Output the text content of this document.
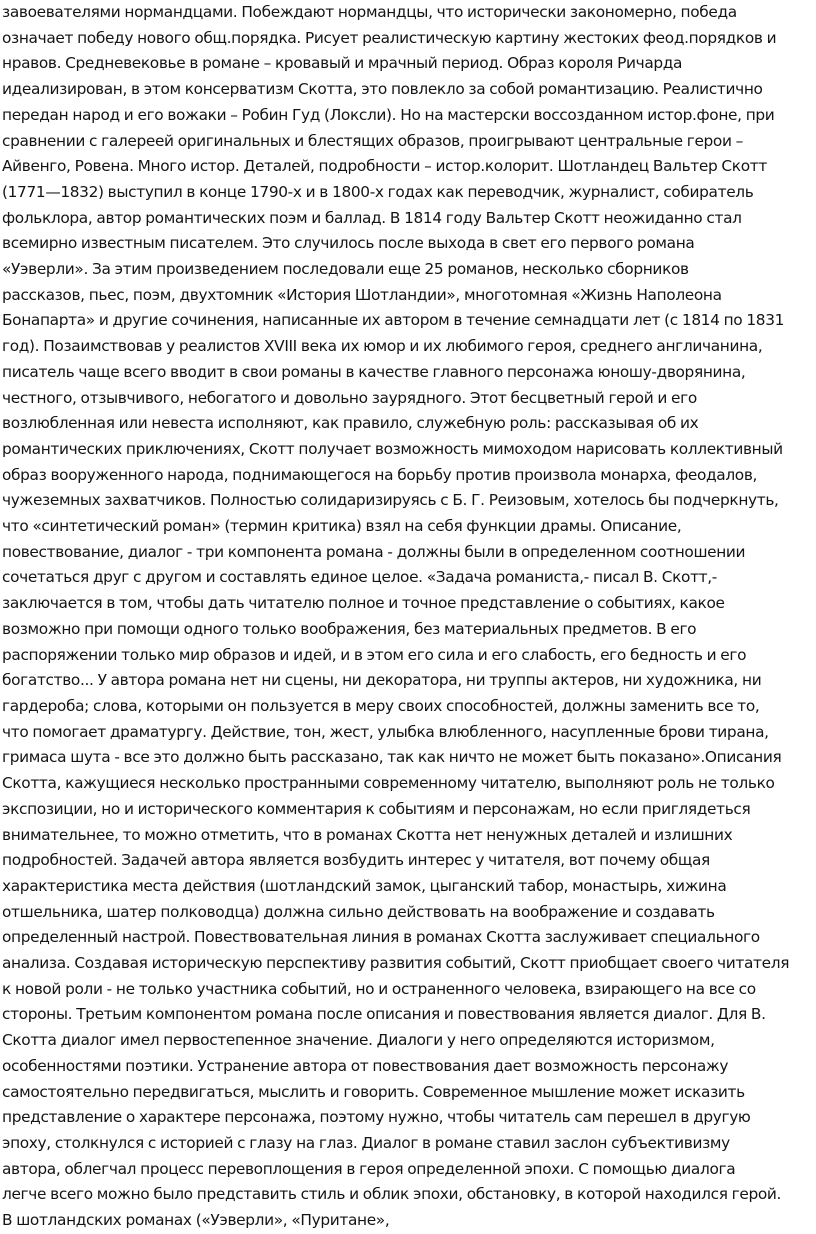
завоевателями нормандцами. Побеждают нормандцы, что исторически закономерно, победа
означает победу нового общ.порядка. Рисует реалистическую картину жестоких феод.порядков и
нравов. Средневековье в романе – кровавый и мрачный период. Образ короля Ричарда
идеализирован, в этом консерватизм Скотта, это повлекло за собой романтизацию. Реалистично
передан народ и его вожаки – Робин Гуд (Локсли). Но на мастерски воссозданном истор.фоне, при
сравнении с галереей оригинальных и блестящих образов, проигрывают центральные герои –
Айвенго, Ровена. Много истор. Деталей, подробности – истор.колорит. Шотландец Вальтер Скотт
(1771—1832) выступил в конце 1790-х и в 1800-х годах как переводчик, журналист, собиратель
фольклора, автор романтических поэм и баллад. В 1814 году Вальтер Скотт неожиданно стал
всемирно известным писателем. Это случилось после выхода в свет его первого романа
«Уэверли». За этим произведением последовали еще 25 романов, несколько сборников
рассказов, пьес, поэм, двухтомник «История Шотландии», многотомная «Жизнь Наполеона
Бонапарта» и другие сочинения, написанные их автором в течение семнадцати лет (с 1814 по 1831
год). Позаимствовав у реалистов XVIII века их юмор и их любимого героя, среднего англичанина,
писатель чаще всего вводит в свои романы в качестве главного персонажа юношу-дворянина,
честного, отзывчивого, небогатого и довольно заурядного. Этот бесцветный герой и его
возлюбленная или невеста исполняют, как правило, служебную роль: рассказывая об их
романтических приключениях, Скотт получает возможность мимоходом нарисовать коллективный
образ вооруженного народа, поднимающегося на борьбу против произвола монарха, феодалов,
чужеземных захватчиков. Полностью солидаризируясь с Б. Г. Реизовым, хотелось бы подчеркнуть,
что «синтетический роман» (термин критика) взял на себя функции драмы. Описание,
повествование, диалог - три компонента романа - должны были в определенном соотношении
сочетаться друг с другом и составлять единое целое. «Задача романиста,- писал В. Скотт,-
заключается в том, чтобы дать читателю полное и точное представление о событиях, какое
возможно при помощи одного только воображения, без материальных предметов. В его
распоряжении только мир образов и идей, и в этом его сила и его слабость, его бедность и его
богатство... У автора романа нет ни сцены, ни декоратора, ни труппы актеров, ни художника, ни
гардероба; слова, которыми он пользуется в меру своих способностей, должны заменить все то,
что помогает драматургу. Действие, тон, жест, улыбка влюбленного, насупленные брови тирана,
гримаса шута - все это должно быть рассказано, так как ничто не может быть показано».Описания
Скотта, кажущиеся несколько пространными современному читателю, выполняют роль не только
экспозиции, но и исторического комментария к событиям и персонажам, но если приглядеться
внимательнее, то можно отметить, что в романах Скотта нет ненужных деталей и излишних
подробностей. Задачей автора является возбудить интерес у читателя, вот почему общая
характеристика места действия (шотландский замок, цыганский табор, монастырь, хижина
отшельника, шатер полководца) должна сильно действовать на воображение и создавать
определенный настрой. Повествовательная линия в романах Скотта заслуживает специального
анализа. Создавая историческую перспективу развития событий, Скотт приобщает своего читателя
к новой роли - не только участника событий, но и остраненного человека, взирающего на все со
стороны. Третьим компонентом романа после описания и повествования является диалог. Для В.
Скотта диалог имел первостепенное значение. Диалоги у него определяются историзмом,
особенностями поэтики. Устранение автора от повествования дает возможность персонажу
самостоятельно передвигаться, мыслить и говорить. Современное мышление может исказить
представление о характере персонажа, поэтому нужно, чтобы читатель сам перешел в другую
эпоху, столкнулся с историей с глазу на глаз. Диалог в романе ставил заслон субъективизму
автора, облегчал процесс перевоплощения в героя определенной эпохи. С помощью диалога
легче всего можно было представить стиль и облик эпохи, обстановку, в которой находился герой.
В шотландских романах («Уэверли», «Пуритане»,
